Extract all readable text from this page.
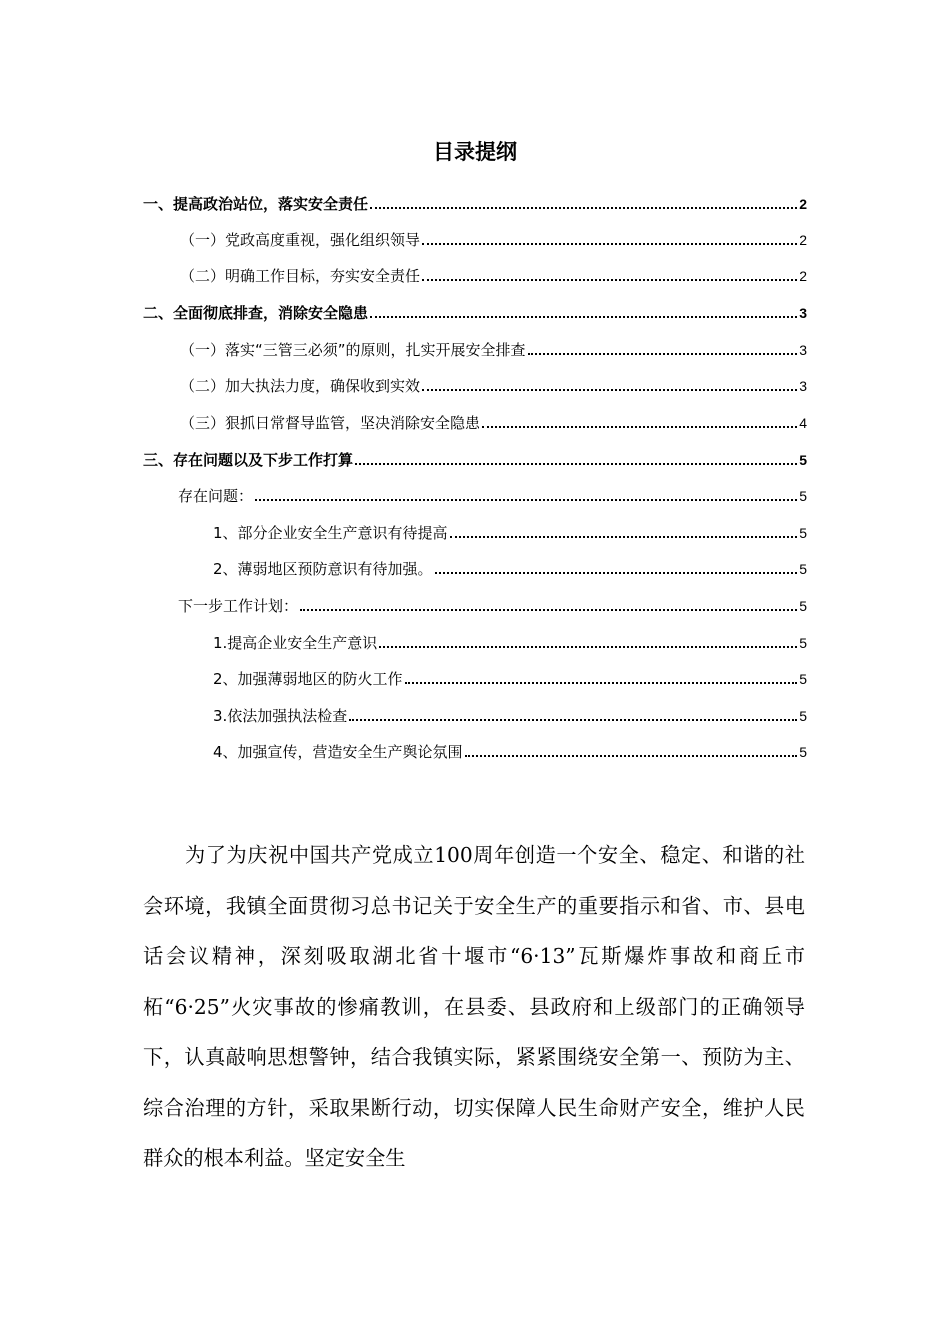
目录提纲
一、提高政治站位，落实安全责任	2
（一）党政高度重视，强化组织领导	2
（二）明确工作目标，夯实安全责任	2
二、全面彻底排查，消除安全隐患	3
（一）落实“三管三必须”的原则，扎实开展安全排查	3
（二）加大执法力度，确保收到实效	3
（三）狠抓日常督导监管，坚决消除安全隐患	4
三、存在问题以及下步工作打算	5
存在问题：	5
1、部分企业安全生产意识有待提高	5
2、薄弱地区预防意识有待加强。	5
下一步工作计划：	5
1.提高企业安全生产意识	5
2、加强薄弱地区的防火工作	5
3.依法加强执法检查	5
4、加强宣传，营造安全生产舆论氛围	5

为了为庆祝中国共产党成立100周年创造一个安全、稳定、和谐的社会环境，我镇全面贯彻习总书记关于安全生产的重要指示和省、市、县电话会议精神，深刻吸取湖北省十堰市“6·13”瓦斯爆炸事故和商丘市柘“6·25”火灾事故的惨痛教训，在县委、县政府和上级部门的正确领导下，认真敲响思想警钟，结合我镇实际，紧紧围绕安全第一、预防为主、综合治理的方针，采取果断行动，切实保障人民生命财产安全，维护人民群众的根本利益。坚定安全生
